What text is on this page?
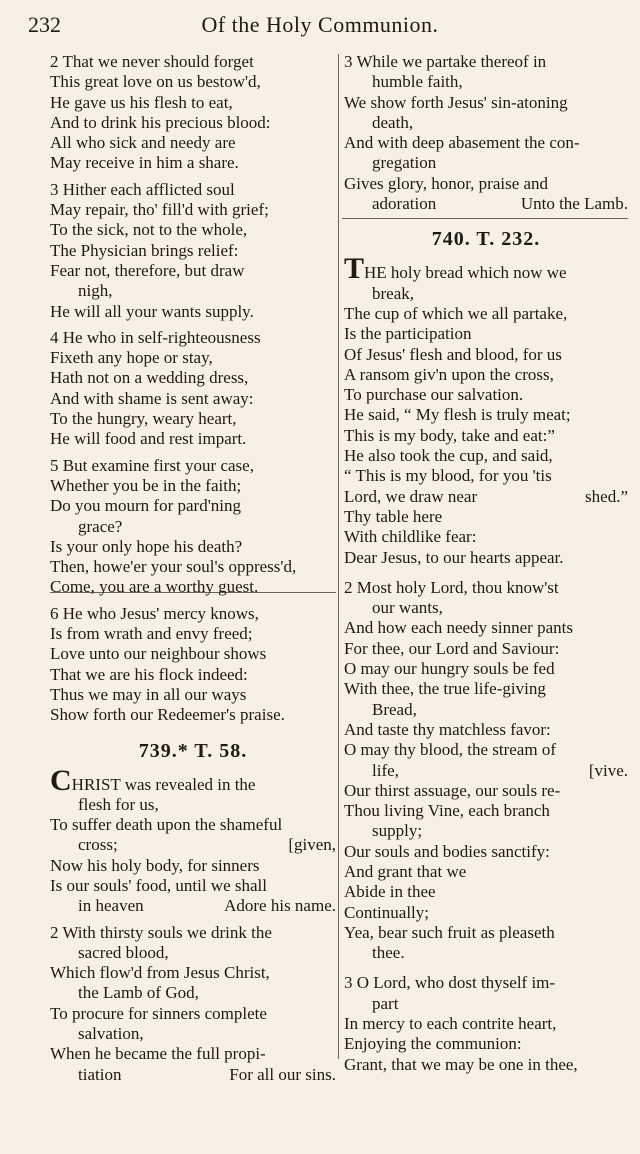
232	Of the Holy Communion.
2 That we never should forget
This great love on us bestow'd,
He gave us his flesh to eat,
And to drink his precious blood:
All who sick and needy are
May receive in him a share.
3 Hither each afflicted soul
May repair, tho' fill'd with grief;
To the sick, not to the whole,
The Physician brings relief:
Fear not, therefore, but draw
nigh,
He will all your wants supply.
4 He who in self-righteousness
Fixeth any hope or stay,
Hath not on a wedding dress,
And with shame is sent away:
To the hungry, weary heart,
He will food and rest impart.
5 But examine first your case,
Whether you be in the faith;
Do you mourn for pard'ning
grace?
Is your only hope his death?
Then, howe'er your soul's oppress'd,
Come, you are a worthy guest.
6 He who Jesus' mercy knows,
Is from wrath and envy freed;
Love unto our neighbour shows
That we are his flock indeed:
Thus we may in all our ways
Show forth our Redeemer's praise.
739.* T. 58.
CHRIST was revealed in the
flesh for us,
To suffer death upon the shameful
cross;	[given,
Now his holy body, for sinners
Is our souls' food, until we shall
in heaven	Adore his name.
2 With thirsty souls we drink the
sacred blood,
Which flow'd from Jesus Christ,
the Lamb of God,
To procure for sinners complete
salvation,
When he became the full propi-
tiation	For all our sins.
3 While we partake thereof in
humble faith,
We show forth Jesus' sin-atoning
death,
And with deep abasement the con-
gregation
Gives glory, honor, praise and
adoration	Unto the Lamb.
740. T. 232.
THE holy bread which now we
break,
The cup of which we all partake,
Is the participation
Of Jesus' flesh and blood, for us
A ransom giv'n upon the cross,
To purchase our salvation.
He said, “ My flesh is truly meat;
This is my body, take and eat:”
He also took the cup, and said,
“ This is my blood, for you 'tis
Lord, we draw near	shed.”
Thy table here
With childlike fear:
Dear Jesus, to our hearts appear.
2 Most holy Lord, thou know'st
our wants,
And how each needy sinner pants
For thee, our Lord and Saviour:
O may our hungry souls be fed
With thee, the true life-giving
Bread,
And taste thy matchless favor:
O may thy blood, the stream of
life,	[vive.
Our thirst assuage, our souls re-
Thou living Vine, each branch
supply;
Our souls and bodies sanctify:
And grant that we
Abide in thee
Continually;
Yea, bear such fruit as pleaseth
thee.
3 O Lord, who dost thyself im-
part
In mercy to each contrite heart,
Enjoying the communion:
Grant, that we may be one in thee,
